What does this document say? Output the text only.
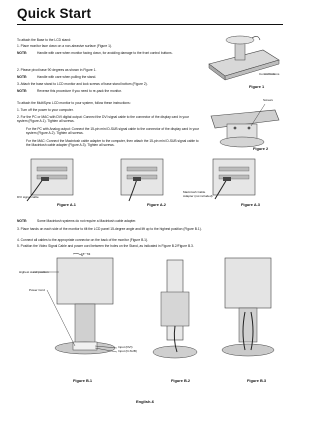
Quick Start
To attach the Base to the LCD stand:
1. Place monitor face down on a non-abrasive surface (Figure 1).
NOTE:	Handle with care when monitor facing down, for avoiding damage to the front control buttons.
2. Please pivot base 90 degrees as shown in Figure 1.
NOTE:	Handle with care when pulling the stand.
3. Attach the base stand to LCD monitor and lock screws of base stand bottom (Figure 2).
NOTE:	Reverse this procedure if you need to re-pack the monitor.
To attach the MultiSync LCD monitor to your system, follow these instructions:
1. Turn off the power to your computer.
2. For the PC or MAC with DVI digital output: Connect the DVI signal cable to the connector of the display card in your system (Figure A.1). Tighten all screws.
For the PC with Analog output: Connect the 15-pin mini D-SUB signal cable to the connector of the display card in your system (Figure A.2). Tighten all screws.
For the MAC: Connect the Macintosh cable adapter to the computer, then attach the 15-pin mini D-SUB signal cable to the Macintosh cable adapter (Figure A.3). Tighten all screws.
Control buttons
Figure 1
Screws
Figure 2
DVI signal cable
Figure A.1	Figure A.2
Macintosh Cable Adapter (not included)
Figure A.3
NOTE:	Some Macintosh systems do not require a Macintosh cable adapter.
3. Place hands on each side of the monitor to tilt the LCD panel 15-degree angle and lift up to the highest position (Figure B.1).
4. Connect all cables to the appropriate connector on the back of the monitor (Figure B.1).
5. Position the Video Signal Cable and power cord between the holes on the Stand, as indicated in Figure B.2/Figure B.3.
15° Tilt
Highest stand position
Power Cord
Input (DVI)
Input (D-SUB)
Figure B.1	Figure B.2	Figure B.3
English-6
